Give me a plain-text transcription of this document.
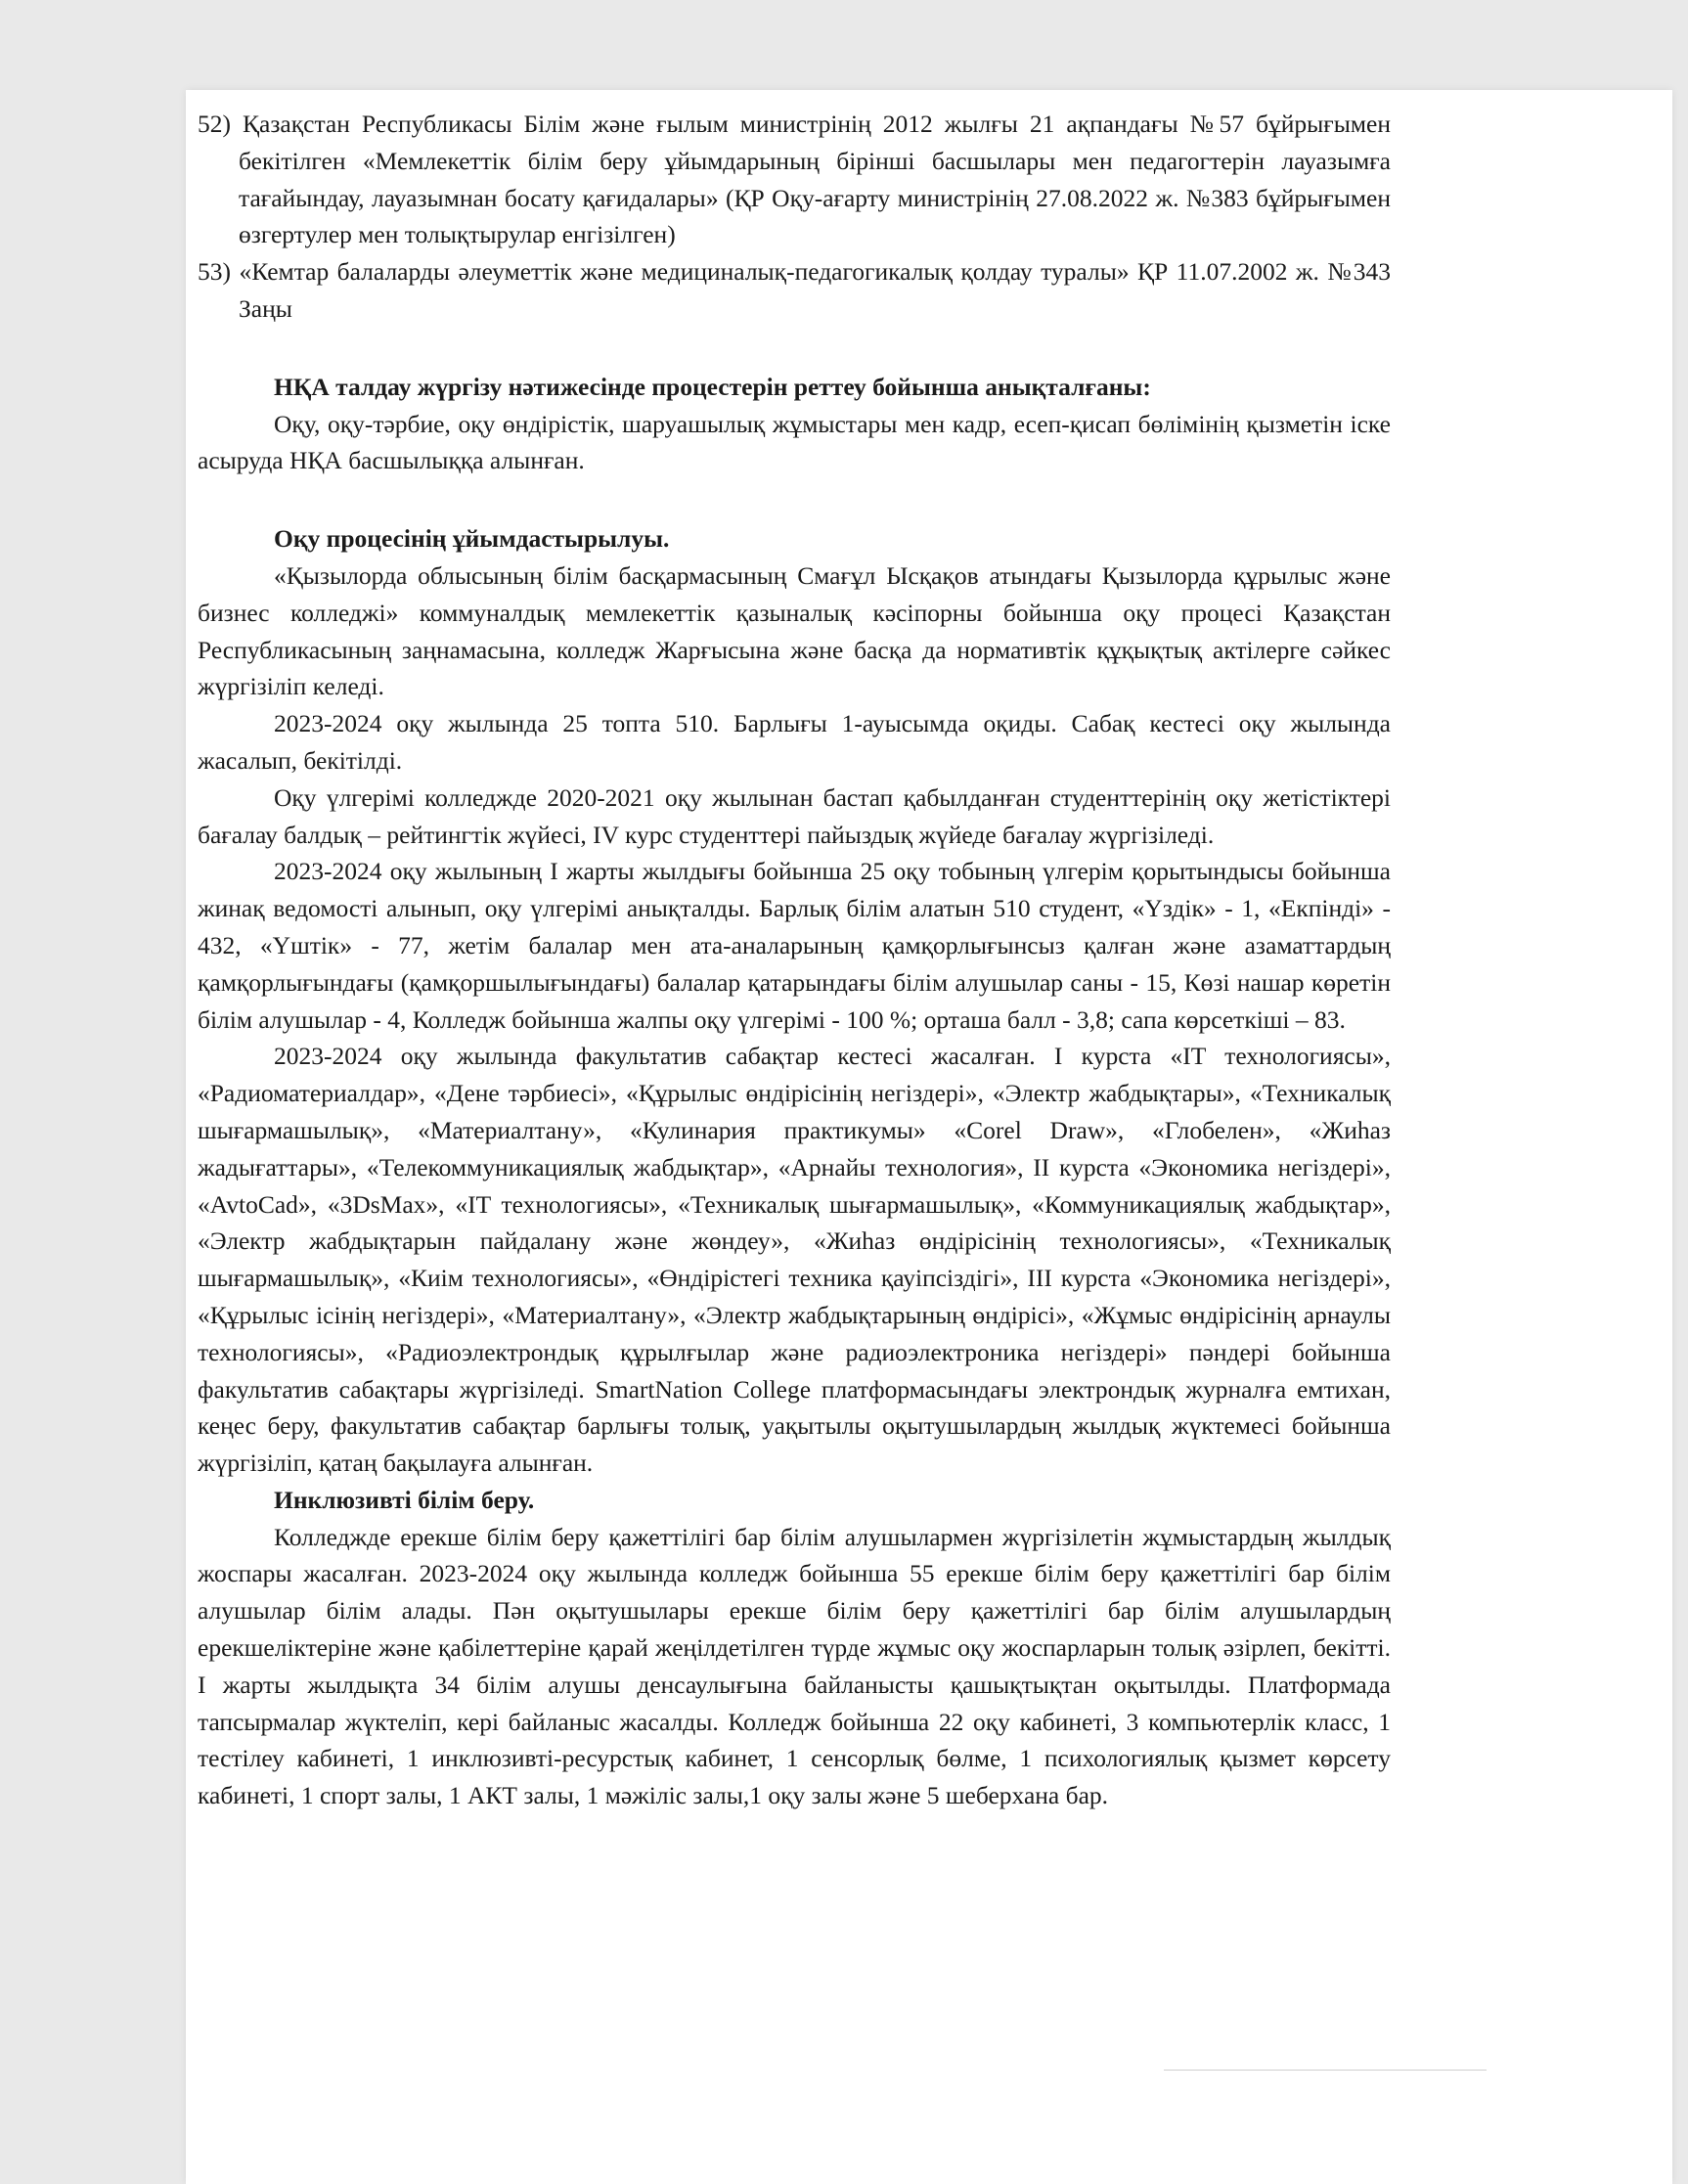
52) Қазақстан Республикасы Білім және ғылым министрінің 2012 жылғы 21 ақпандағы №57 бұйрығымен бекітілген «Мемлекеттік білім беру ұйымдарының бірінші басшылары мен педагогтерін лауазымға тағайындау, лауазымнан босату қағидалары» (ҚР Оқу-ағарту министрінің 27.08.2022 ж. №383 бұйрығымен өзгертулер мен толықтырулар енгізілген)

53) «Кемтар балаларды әлеуметтік және медициналық-педагогикалық қолдау туралы» ҚР 11.07.2002 ж. №343 Заңы

НҚА талдау жүргізу нәтижесінде процестерін реттеу бойынша анықталғаны:

Оқу, оқу-тәрбие, оқу өндірістік, шаруашылық жұмыстары мен кадр, есеп-қисап бөлімінің қызметін іске асыруда НҚА басшылыққа алынған.

Оқу процесінің ұйымдастырылуы.

«Қызылорда облысының білім басқармасының Смағұл Ысқақов атындағы Қызылорда құрылыс және бизнес колледжі» коммуналдық мемлекеттік қазыналық кәсіпорны бойынша оқу процесі Қазақстан Республикасының заңнамасына, колледж Жарғысына және басқа да нормативтік құқықтық актілерге сәйкес жүргізіліп келеді.

2023-2024 оқу жылында 25 топта 510. Барлығы 1-ауысымда оқиды. Сабақ кестесі оқу жылында жасалып, бекітілді.

Оқу үлгерімі колледжде 2020-2021 оқу жылынан бастап қабылданған студенттерінің оқу жетістіктері бағалау балдық – рейтингтік жүйесі, IV курс студенттері пайыздық жүйеде бағалау жүргізіледі.

2023-2024 оқу жылының I жарты жылдығы бойынша 25 оқу тобының үлгерім қорытындысы бойынша жинақ ведомості алынып, оқу үлгерімі анықталды. Барлық білім алатын 510 студент, «Үздік» - 1, «Екпінді» - 432, «Үштік» - 77, жетім балалар мен ата-аналарының қамқорлығынсыз қалған және азаматтардың қамқорлығындағы (қамқоршылығындағы) балалар қатарындағы білім алушылар саны - 15, Көзі нашар көретін білім алушылар - 4, Колледж бойынша жалпы оқу үлгерімі - 100 %; орташа балл - 3,8; сапа көрсеткіші – 83.

2023-2024 оқу жылында факультатив сабақтар кестесі жасалған. I курста «IT технологиясы», «Радиоматериалдар», «Дене тәрбиесі», «Құрылыс өндірісінің негіздері», «Электр жабдықтары», «Техникалық шығармашылық», «Материалтану», «Кулинария практикумы» «Corel Draw», «Глобелен», «Жиһаз жадығаттары», «Телекоммуникациялық жабдықтар», «Арнайы технология», II курста «Экономика негіздері», «AvtoCad», «3DsMax», «IT технологиясы», «Техникалық шығармашылық», «Коммуникациялық жабдықтар», «Электр жабдықтарын пайдалану және жөндеу», «Жиһаз өндірісінің технологиясы», «Техникалық шығармашылық», «Киім технологиясы», «Өндірістегі техника қауіпсіздігі», III курста «Экономика негіздері», «Құрылыс ісінің негіздері», «Материалтану», «Электр жабдықтарының өндірісі», «Жұмыс өндірісінің арнаулы технологиясы», «Радиоэлектрондық құрылғылар және радиоэлектроника негіздері» пәндері бойынша факультатив сабақтары жүргізіледі. SmartNation College платформасындағы электрондық журналға емтихан, кеңес беру, факультатив сабақтар барлығы толық, уақытылы оқытушылардың жылдық жүктемесі бойынша жүргізіліп, қатаң бақылауға алынған.

Инклюзивті білім беру.

Колледжде ерекше білім беру қажеттілігі бар білім алушылармен жүргізілетін жұмыстардың жылдық жоспары жасалған. 2023-2024 оқу жылында колледж бойынша 55 ерекше білім беру қажеттілігі бар білім алушылар білім алады. Пән оқытушылары ерекше білім беру қажеттілігі бар білім алушылардың ерекшеліктеріне және қабілеттеріне қарай жеңілдетілген түрде жұмыс оқу жоспарларын толық әзірлеп, бекітті. I жарты жылдықта 34 білім алушы денсаулығына байланысты қашықтықтан оқытылды. Платформада тапсырмалар жүктеліп, кері байланыс жасалды. Колледж бойынша 22 оқу кабинеті, 3 компьютерлік класс, 1 тестілеу кабинеті, 1 инклюзивті-ресурстық кабинет, 1 сенсорлық бөлме, 1 психологиялық қызмет көрсету кабинеті, 1 спорт залы, 1 АКТ залы, 1 мәжіліс залы,1 оқу залы және 5 шеберхана бар.
